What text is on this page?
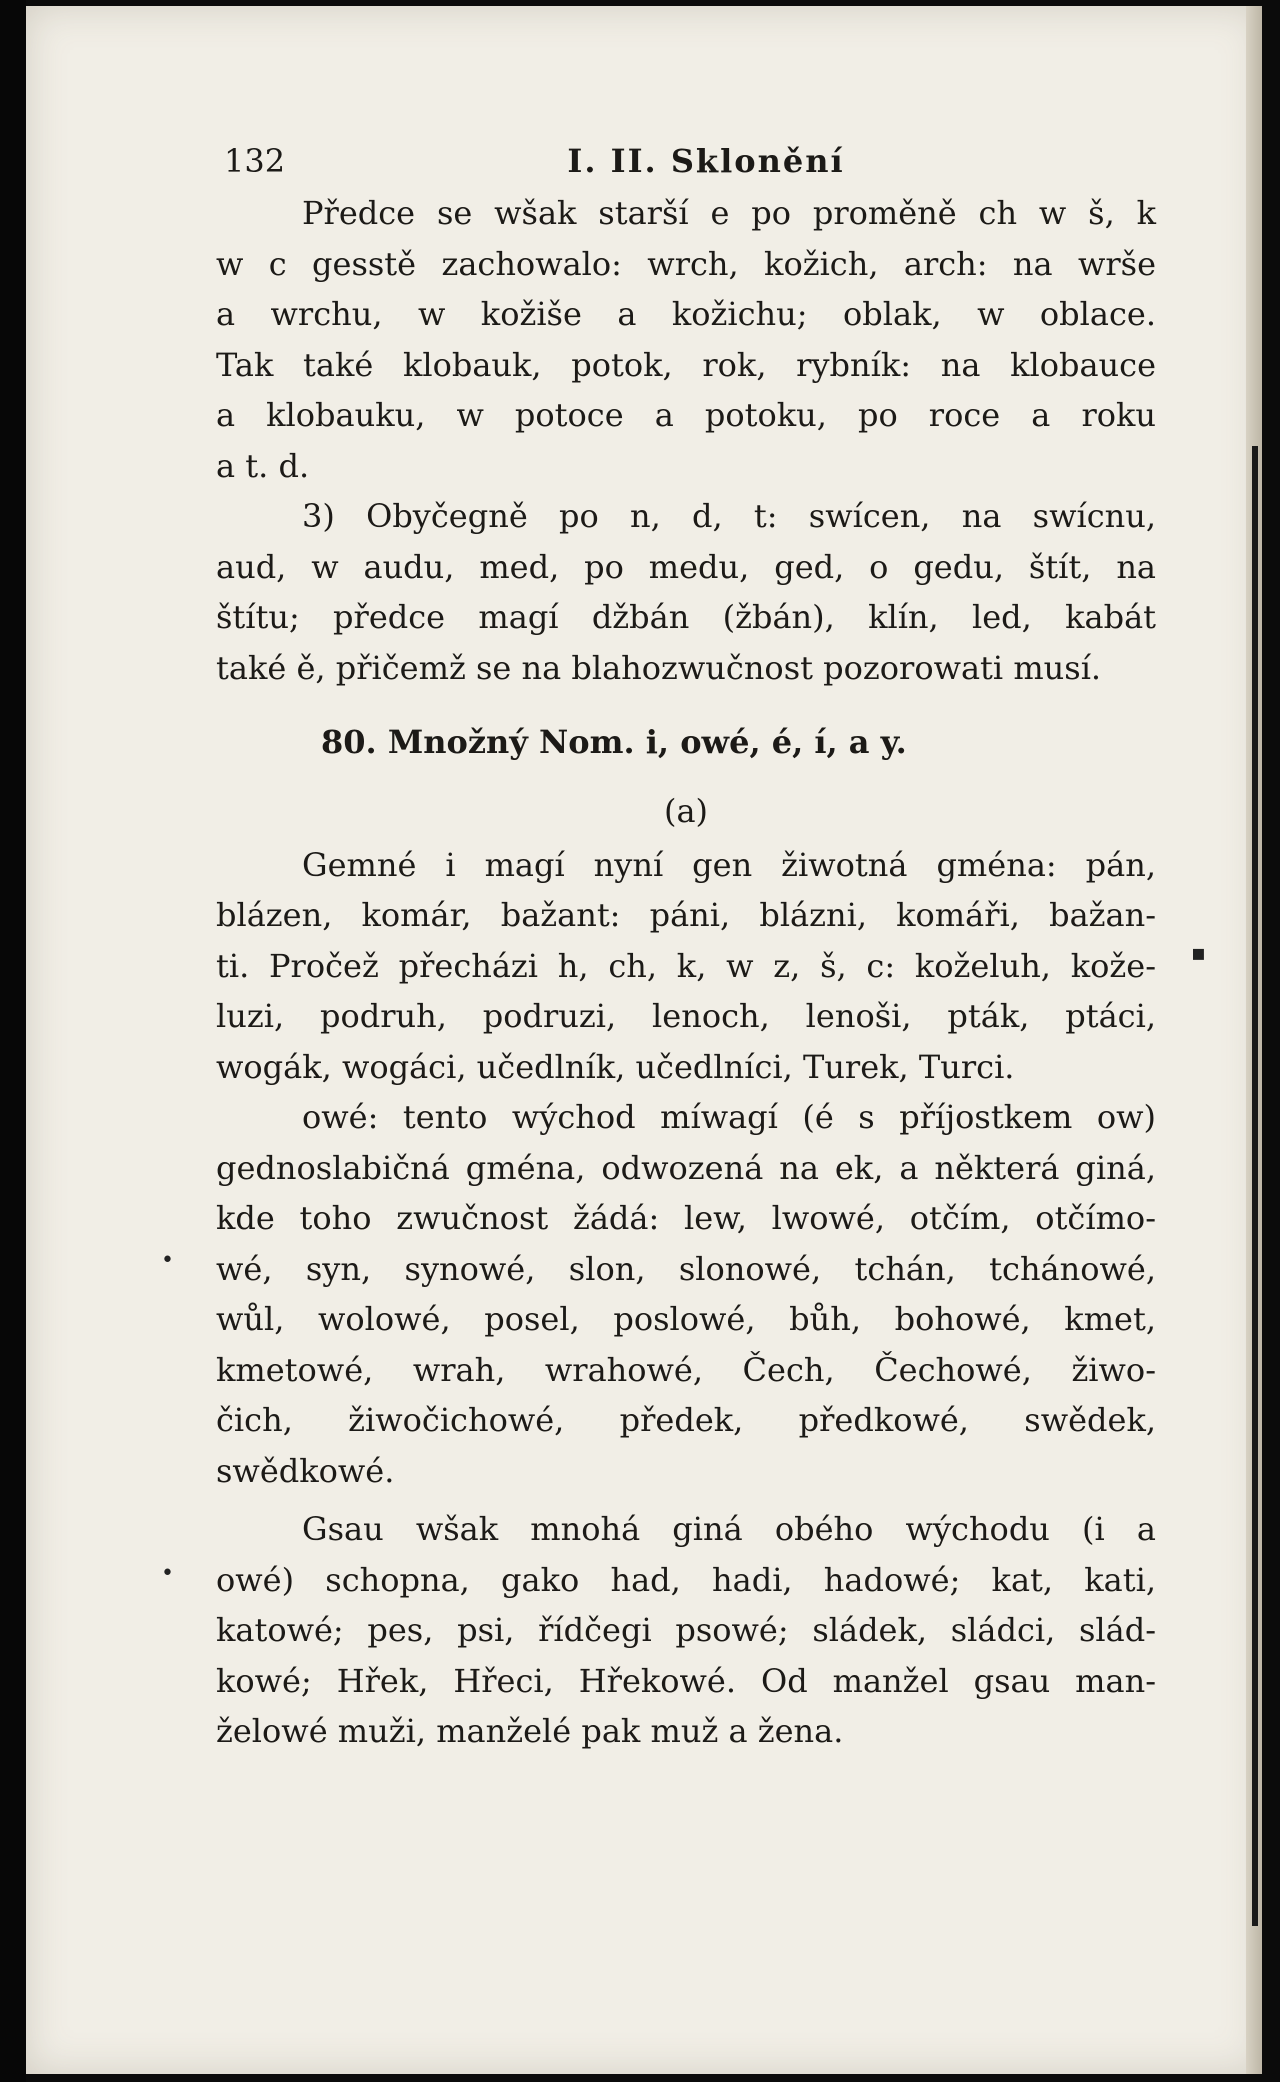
▪
•
•
132	I. II. Sklonění
Předce se wšak starší e po proměně ch w š, k
w c gesstě zachowalo: wrch, kožich, arch: na wrše
a wrchu, w kožiše a kožichu; oblak, w oblace.
Tak také klobauk, potok, rok, rybník: na klobauce
a klobauku, w potoce a potoku, po roce a roku
a t. d.
3) Obyčegně po n, d, t: swícen, na swícnu,
aud, w audu, med, po medu, ged, o gedu, štít, na
štítu; předce magí džbán (žbán), klín, led, kabát
také ě, přičemž se na blahozwučnost pozorowati musí.
80. Množný Nom. i, owé, é, í, a y.
(a)
Gemné i magí nyní gen žiwotná gména: pán,
blázen, komár, bažant: páni, blázni, komáři, bažan-
ti. Pročež přecházi h, ch, k, w z, š, c: koželuh, kože-
luzi, podruh, podruzi, lenoch, lenoši, pták, ptáci,
wogák, wogáci, učedlník, učedlníci, Turek, Turci.
owé: tento wýchod míwagí (é s příjostkem ow)
gednoslabičná gména, odwozená na ek, a některá giná,
kde toho zwučnost žádá: lew, lwowé, otčím, otčímo-
wé, syn, synowé, slon, slonowé, tchán, tchánowé,
wůl, wolowé, posel, poslowé, bůh, bohowé, kmet,
kmetowé, wrah, wrahowé, Čech, Čechowé, žiwo-
čich, žiwočichowé, předek, předkowé, swědek,
swědkowé.
Gsau wšak mnohá giná obého wýchodu (i a
owé) schopna, gako had, hadi, hadowé; kat, kati,
katowé; pes, psi, řídčegi psowé; sládek, sládci, slád-
kowé; Hřek, Hřeci, Hřekowé. Od manžel gsau man-
želowé muži, manželé pak muž a žena.
